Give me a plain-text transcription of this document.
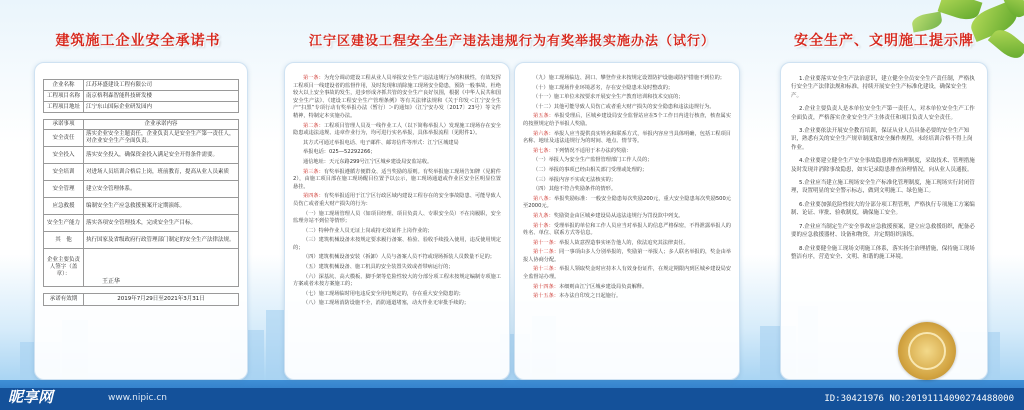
建筑施工企业安全承诺书
企业名称	江苏环盛建设工程有限公司
工程项目名称	南京格利森智能科技研发楼
工程项目地址	江宁东山国际企业研发园内
承诺事项	企业承诺内容
安全责任	落实企业安全主题责任，企业负责人是安全生产第一责任人，对企业安全生产全面负责。
安全投入	落实安全投入，确保资金投入满足安全开得条件需要。
安全培训	对进场人员培训合格后上岗，班前教育，提高从业人员素质
安全管理	建立安全管理体系。
应急救援	编制安全生产应急救援预案开定期演练。
安全生产能力	落实各项安全管理技术，完成安全生产目标。
其　他	执行国家及省级政府行政管理部门制定的安全生产法律法规。
企业主要负责人签字（盖章）：	王正华
承诺有效期	2019年7月29日至2021年3月31日
江宁区建设工程安全生产违法违规行为有奖举报实施办法（试行）

第一条：为充分调动建设工程从业人员举报安全生产违法违规行为的积极性，有效发挥工程项目一线建设者的监督作用，及时发现和消除施工现场安全隐患，预防一般事故、杜绝较大以上安全事故的发生，进步形成齐抓共管的安全生产良好氛围，根据《中华人民共和国安全生产法》、《建设工程安全生产管理条例》等有关法律法规和《关于印发＜江宁安全生产“扫黑”专项行动有奖举报办法（暂行）＞的通知》（江宁安办发〔2017〕23号）等文件精神，特制定本实施办法。

第二条：工程项目管理人员及一线作业工人（以下简称举报人）发现施工现场存在安全隐患或违法违规、违章作业行为，均可进行实名举报，具体举报流程（见附件1）。

其方式可通过举报电话、电子邮件、邮寄信件等形式：江宁区城建局

举报电话：025—52292266；

通信地址：天元东路299号江宁区城乡建设局安监站收。

第三条：有奖举报遵循方便群众、适当奖励的原则。有奖举报施工现场告知牌（见附件2），由施工项目部在施工现场醒目位置予以公示，施工现场通道或作业区安全区明显位置悬挂。

第四条：有奖举报适用于江宁区行政区域内建设工程存在的安全事故隐患、可能导致人员伤亡或者重大财产损失的行为：

（一）施工现场管理人员（如项目经理、项目负责人、专职安全员）不在岗履职，安全监理旁站不到位等情形；

（二）特种作业人员无证上岗或持无效证件上岗作业的；

（三）建筑机械设备未按规定要求履行备案、检验、验收手续投入使用，违反使用规定的；

（四）建筑机械设备安装（拆卸）人员与备案人员不符或现场拆装人员数量不足的；

（五）建筑机械设备、施工机具的安全装置失效或者带病运行的；

（六）深基坑、高大模板、脚手架等危险性较大的分部分项工程未按规定编制专项施工方案或者未按方案施工的；

（七）施工现场临时用电违反安全用电规定的，存在重大安全隐患的；

（八）施工现场消防设施不全，消防通道堵塞，动火作业无审批手续的；

（九）施工现场临边、洞口、攀登作业未按规定设置防护设施或防护措施不到位的；

（十）施工现场作业环境恶劣，存在安全隐患未及时整改的；

（十一）施工单位未按要求开展安全生产教育培训和技术交底的；

（十二）其他可能导致人员伤亡或者重大财产损失的安全隐患和违法违规行为。

第五条：举报受理后，区城乡建设局安全监督站应在5个工作日内进行核查，核查属实的按照规定给予举报人奖励。

第六条：举报人应当提供真实姓名和联系方式，举报内容应当具体明确，包括工程项目名称、地址及违法违规行为的时间、地点、情节等。

第七条：下列情况不适用于本办法的奖励：

（一）举报人为安全生产监督管理部门工作人员的；

（二）举报的事项已经由相关部门受理或处理的；

（三）举报内容不实或无法核实的；

（四）其他不符合奖励条件的情形。

第八条：举报奖励标准：一般安全隐患每次奖励200元，重大安全隐患每次奖励500元至2000元。

第九条：奖励资金由区城乡建设局从违法违规行为罚没款中列支。

第十条：受理举报的单位和工作人员应当对举报人的信息严格保密，不得泄露举报人的姓名、单位、联系方式等信息。

第十一条：举报人故意捏造事实诬告他人的，依法追究其法律责任。

第十二条：同一事项由多人分别举报的，奖励第一举报人；多人联名举报的，奖金由举报人协商分配。

第十三条：举报人领取奖金时应持本人有效身份证件，在规定期限内到区城乡建设局安全监督站办理。

第十四条：本细则由江宁区城乡建设局负责解释。

第十五条：本办法自印发之日起施行。

安全生产、文明施工提示牌

1.企业要落实安全生产法治意识，建立健全全员安全生产责任制，严格执行安全生产法律法规和标准，持续开展安全生产标准化建设，确保安全生产。

2.企业主要负责人是本单位安全生产第一责任人，对本单位安全生产工作全面负责，严格落实企业安全生产主体责任和项目负责人安全责任。

3.企业要依法开展安全教育培训，保证从业人员具备必要的安全生产知识，熟悉有关的安全生产规章制度和安全操作规程，未经培训合格不得上岗作业。

4.企业要建立健全生产安全事故隐患排查治理制度，采取技术、管理措施及时发现并消除事故隐患，如实记录隐患排查治理情况，向从业人员通报。

5.企业应当建立施工现场安全生产标准化管理制度，施工现场实行封闭管理，设置明显的安全警示标志，做到文明施工、绿色施工。

6.企业要加强危险性较大的分部分项工程管理，严格执行专项施工方案编制、论证、审批、验收制度，确保施工安全。

7.企业应当制定生产安全事故应急救援预案，建立应急救援组织，配备必要的应急救援器材、设备和物资，并定期组织演练。

8.企业要健全施工现场文明施工体系，落实扬尘治理措施，保持施工现场整洁有序，营造安全、文明、和谐的施工环境。

昵享网	www.nipic.cn	ID:30421976 NO:20191114090274488000
